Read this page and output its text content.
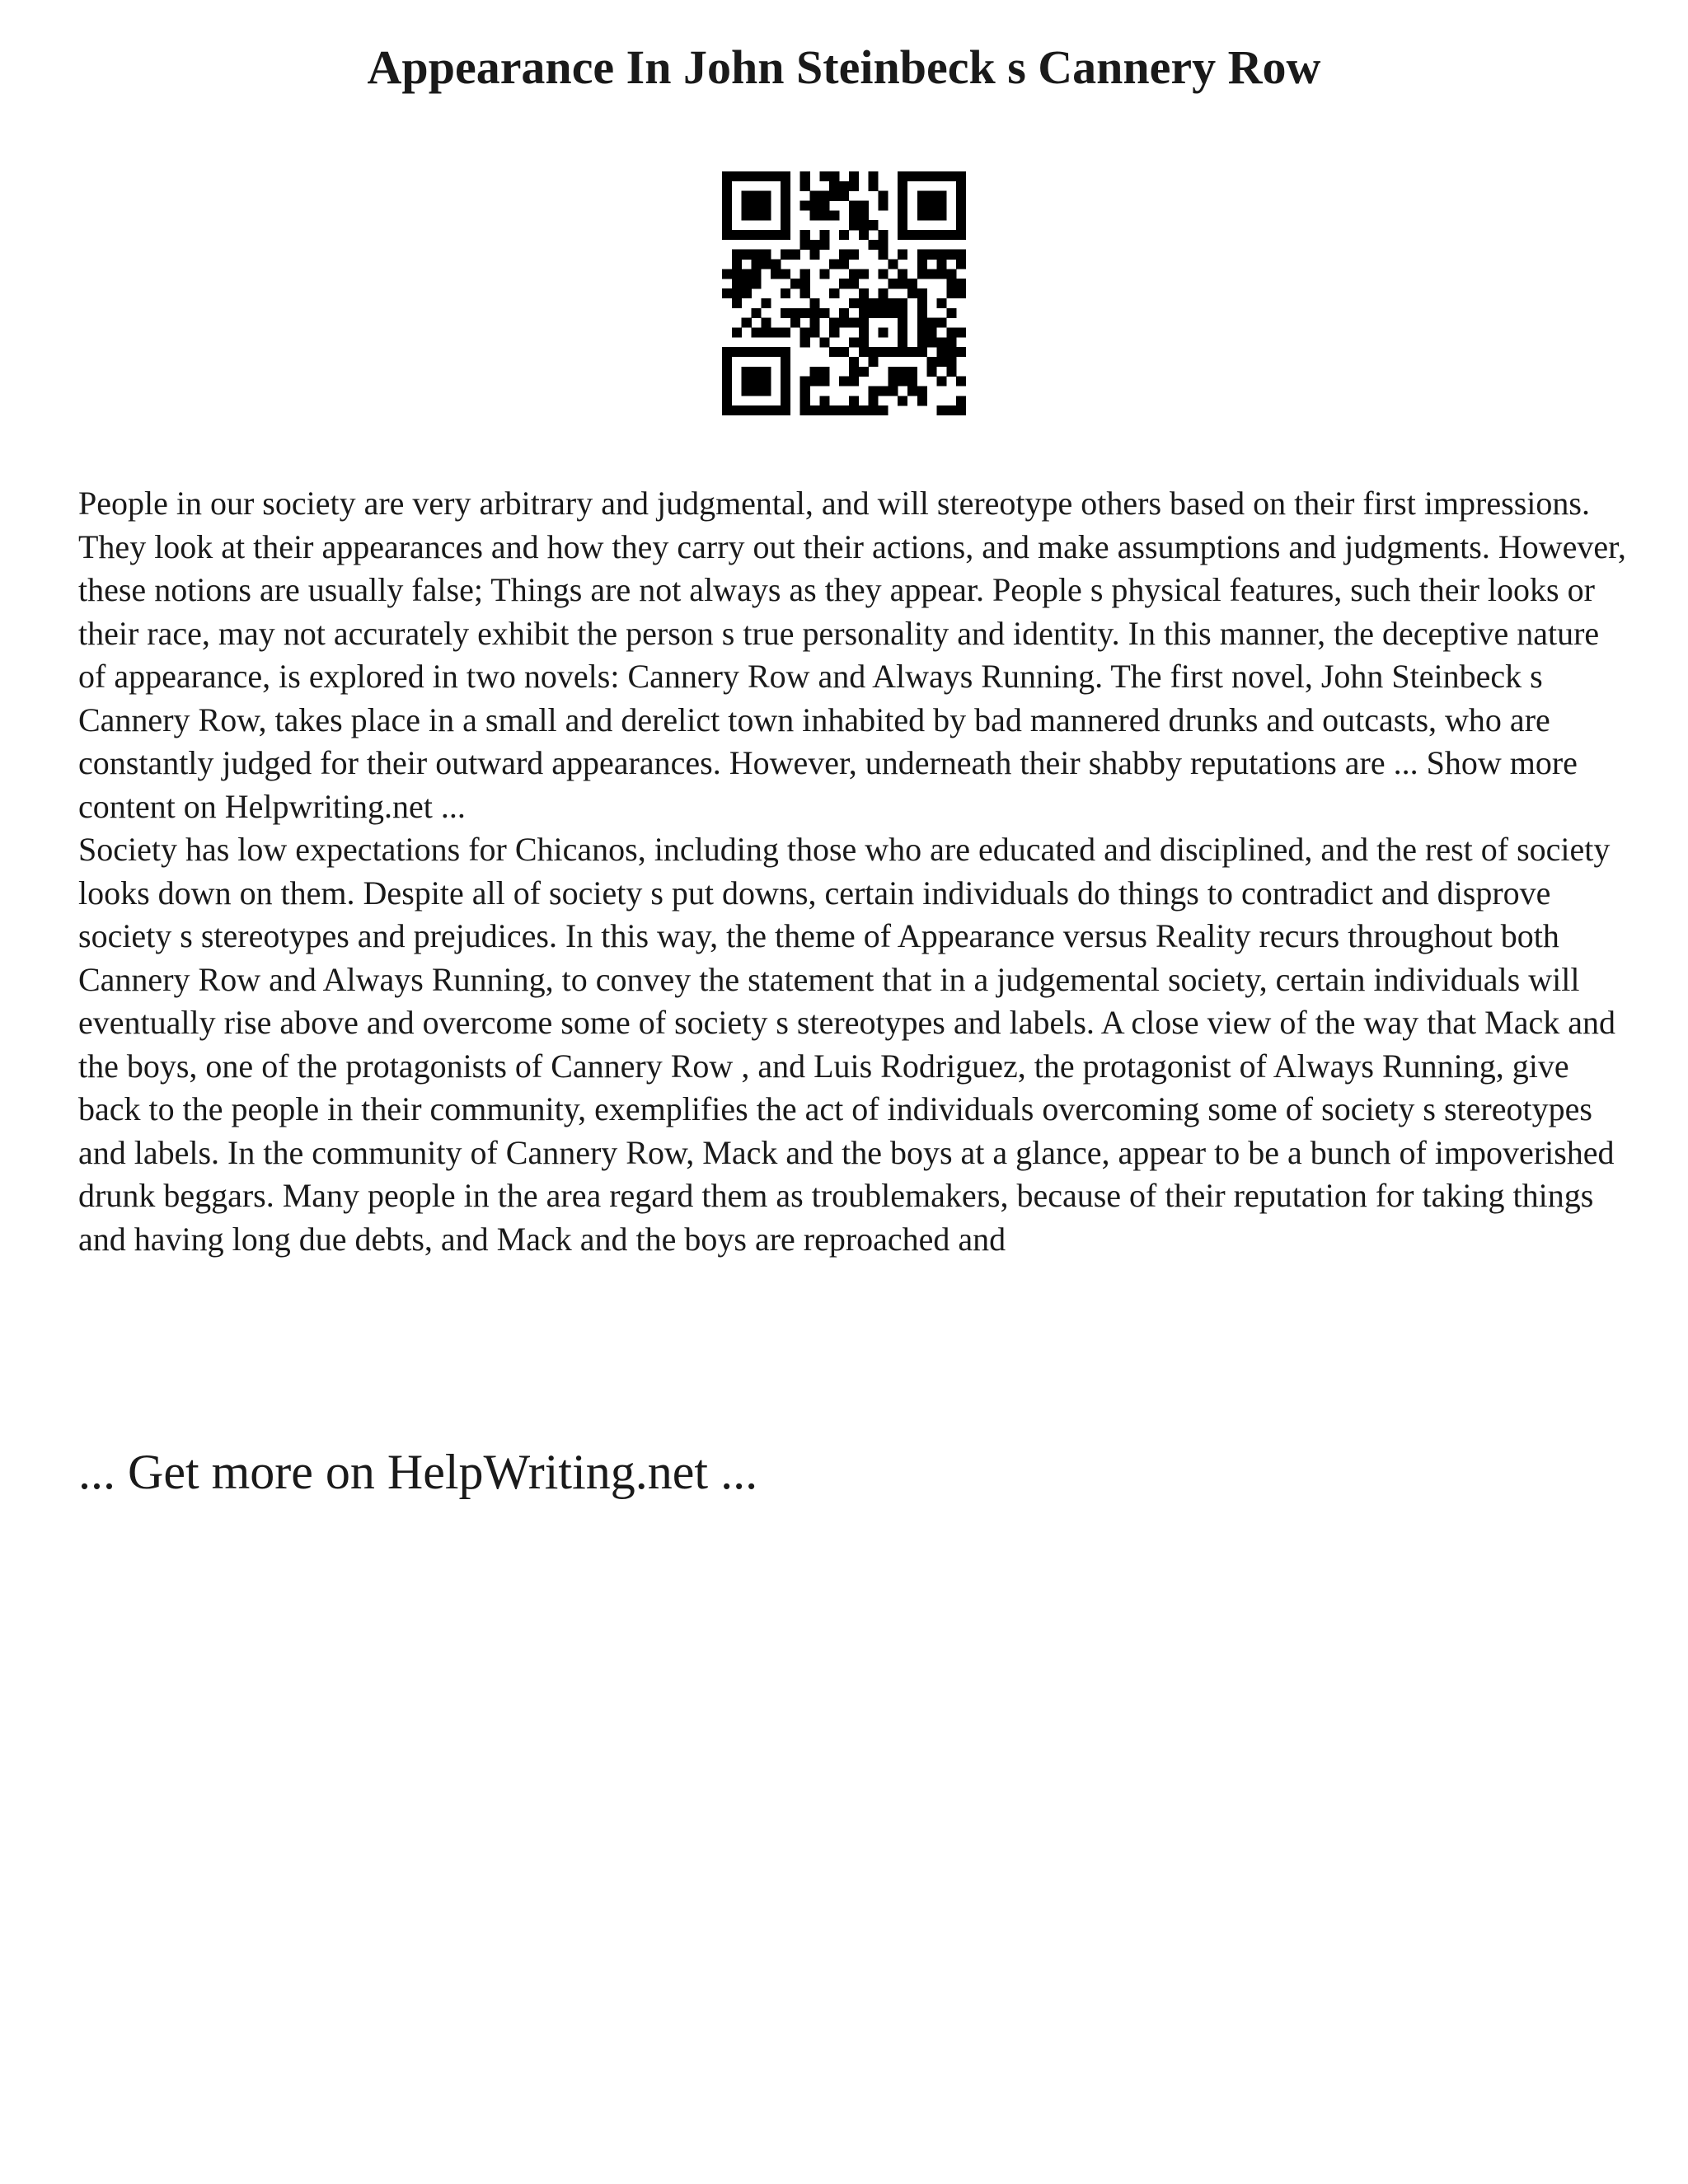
Appearance In John Steinbeck s Cannery Row

People in our society are very arbitrary and judgmental, and will stereotype others based on their first impressions. They look at their appearances and how they carry out their actions, and make assumptions and judgments. However, these notions are usually false; Things are not always as they appear. People s physical features, such their looks or their race, may not accurately exhibit the person s true personality and identity. In this manner, the deceptive nature of appearance, is explored in two novels: Cannery Row and Always Running. The first novel, John Steinbeck s Cannery Row, takes place in a small and derelict town inhabited by bad mannered drunks and outcasts, who are constantly judged for their outward appearances. However, underneath their shabby reputations are ... Show more content on Helpwriting.net ...

Society has low expectations for Chicanos, including those who are educated and disciplined, and the rest of society looks down on them. Despite all of society s put downs, certain individuals do things to contradict and disprove society s stereotypes and prejudices. In this way, the theme of Appearance versus Reality recurs throughout both Cannery Row and Always Running, to convey the statement that in a judgemental society, certain individuals will eventually rise above and overcome some of society s stereotypes and labels. A close view of the way that Mack and the boys, one of the protagonists of Cannery Row , and Luis Rodriguez, the protagonist of Always Running, give back to the people in their community, exemplifies the act of individuals overcoming some of society s stereotypes and labels. In the community of Cannery Row, Mack and the boys at a glance, appear to be a bunch of impoverished drunk beggars. Many people in the area regard them as troublemakers, because of their reputation for taking things and having long due debts, and Mack and the boys are reproached and

... Get more on HelpWriting.net ...
